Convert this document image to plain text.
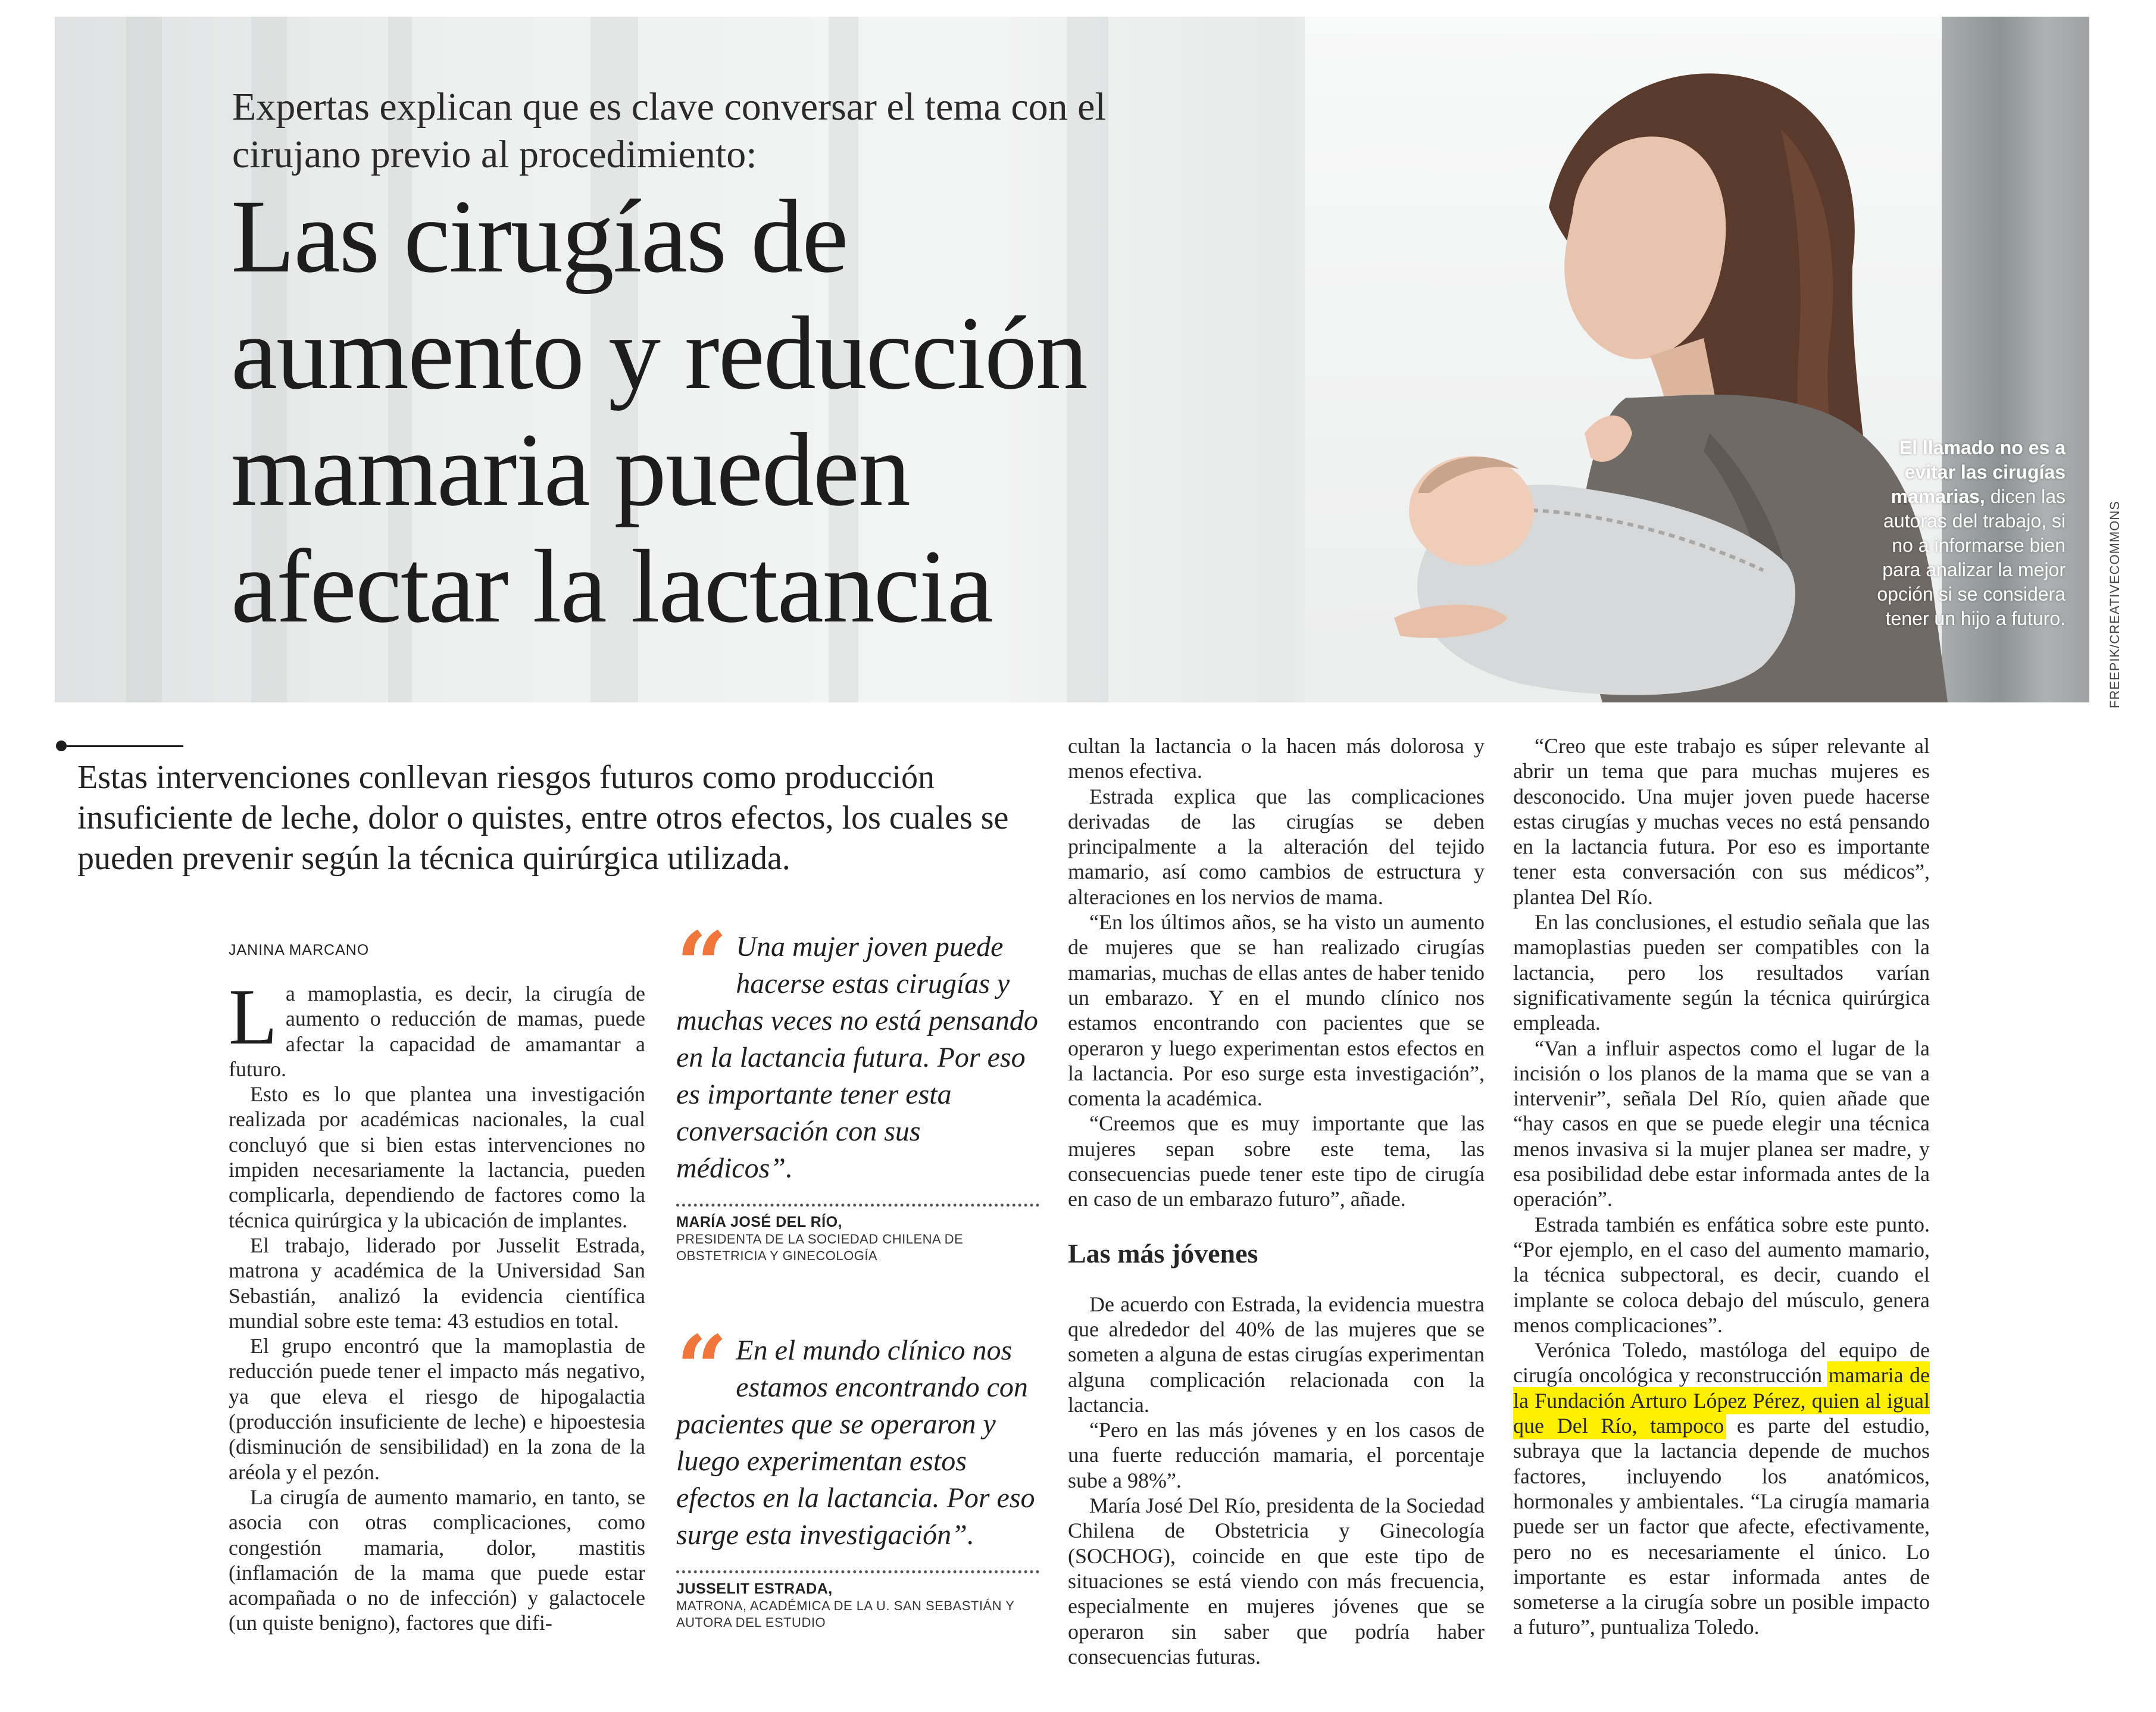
Expertas explican que es clave conversar el tema con el cirujano previo al procedimiento:
Las cirugías de
aumento y reducción
mamaria pueden
afectar la lactancia
El llamado no es a evitar las cirugías mamarias, dicen las autoras del trabajo, si no a informarse bien para analizar la mejor opción si se considera tener un hijo a futuro.	FREEPIK/CREATIVECOMMONS
Estas intervenciones conllevan riesgos futuros como producción insuficiente de leche, dolor o quistes, entre otros efectos, los cuales se pueden prevenir según la técnica quirúrgica utilizada.
JANINA MARCANO

La mamoplastia, es decir, la cirugía de aumento o reducción de mamas, puede afectar la capacidad de amamantar a futuro.

Esto es lo que plantea una investigación realizada por académicas nacionales, la cual concluyó que si bien estas intervenciones no impiden necesariamente la lactancia, pueden complicarla, dependiendo de factores como la técnica quirúrgica y la ubicación de implantes.

El trabajo, liderado por Jusselit Estrada, matrona y académica de la Universidad San Sebastián, analizó la evidencia científica mundial sobre este tema: 43 estudios en total.

El grupo encontró que la mamoplastia de reducción puede tener el impacto más negativo, ya que eleva el riesgo de hipogalactia (producción insuficiente de leche) e hipoestesia (disminución de sensibilidad) en la zona de la aréola y el pezón.

La cirugía de aumento mamario, en tanto, se asocia con otras complicaciones, como congestión mamaria, dolor, mastitis (inflamación de la mama que puede estar acompañada o no de infección) y galactocele (un quiste benigno), factores que difi-

“ Una mujer joven puede hacerse estas cirugías y muchas veces no está pensando en la lactancia futura. Por eso es importante tener esta conversación con sus médicos”.
MARÍA JOSÉ DEL RÍO,
PRESIDENTA DE LA SOCIEDAD CHILENA DE OBSTETRICIA Y GINECOLOGÍA
“ En el mundo clínico nos estamos encontrando con pacientes que se operaron y luego experimentan estos efectos en la lactancia. Por eso surge esta investigación”.
JUSSELIT ESTRADA,
MATRONA, ACADÉMICA DE LA U. SAN SEBASTIÁN Y AUTORA DEL ESTUDIO

cultan la lactancia o la hacen más dolorosa y menos efectiva.

Estrada explica que las complicaciones derivadas de las cirugías se deben principalmente a la alteración del tejido mamario, así como cambios de estructura y alteraciones en los nervios de mama.

“En los últimos años, se ha visto un aumento de mujeres que se han realizado cirugías mamarias, muchas de ellas antes de haber tenido un embarazo. Y en el mundo clínico nos estamos encontrando con pacientes que se operaron y luego experimentan estos efectos en la lactancia. Por eso surge esta investigación”, comenta la académica.

“Creemos que es muy importante que las mujeres sepan sobre este tema, las consecuencias puede tener este tipo de cirugía en caso de un embarazo futuro”, añade.

Las más jóvenes

De acuerdo con Estrada, la evidencia muestra que alrededor del 40% de las mujeres que se someten a alguna de estas cirugías experimentan alguna complicación relacionada con la lactancia.

“Pero en las más jóvenes y en los casos de una fuerte reducción mamaria, el porcentaje sube a 98%”.

María José Del Río, presidenta de la Sociedad Chilena de Obstetricia y Ginecología (SOCHOG), coincide en que este tipo de situaciones se está viendo con más frecuencia, especialmente en mujeres jóvenes que se operaron sin saber que podría haber consecuencias futuras.

“Creo que este trabajo es súper relevante al abrir un tema que para muchas mujeres es desconocido. Una mujer joven puede hacerse estas cirugías y muchas veces no está pensando en la lactancia futura. Por eso es importante tener esta conversación con sus médicos”, plantea Del Río.

En las conclusiones, el estudio señala que las mamoplastias pueden ser compatibles con la lactancia, pero los resultados varían significativamente según la técnica quirúrgica empleada.

“Van a influir aspectos como el lugar de la incisión o los planos de la mama que se van a intervenir”, señala Del Río, quien añade que “hay casos en que se puede elegir una técnica menos invasiva si la mujer planea ser madre, y esa posibilidad debe estar informada antes de la operación”.

Estrada también es enfática sobre este punto. “Por ejemplo, en el caso del aumento mamario, la técnica subpectoral, es decir, cuando el implante se coloca debajo del músculo, genera menos complicaciones”.

Verónica Toledo, mastóloga del equipo de cirugía oncológica y reconstrucción mamaria de la Fundación Arturo López Pérez, quien al igual que Del Río, tampoco es parte del estudio, subraya que la lactancia depende de muchos factores, incluyendo los anatómicos, hormonales y ambientales. “La cirugía mamaria puede ser un factor que afecte, efectivamente, pero no es necesariamente el único. Lo importante es estar informada antes de someterse a la cirugía sobre un posible impacto a futuro”, puntualiza Toledo.
